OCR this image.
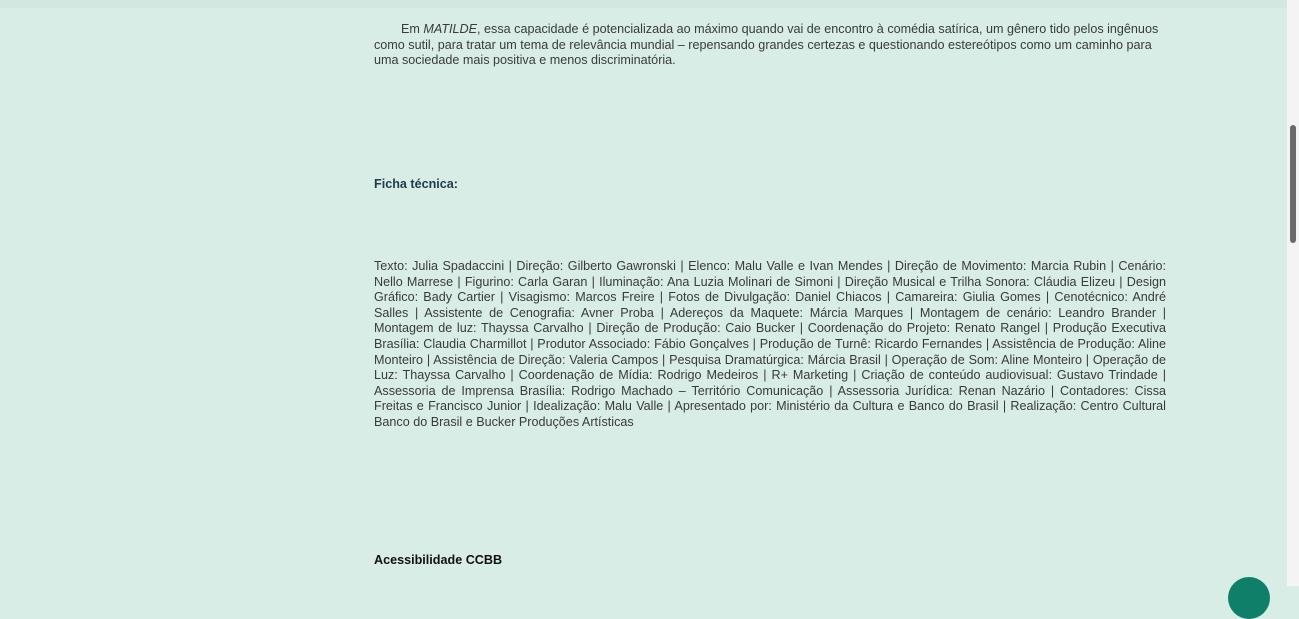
Em MATILDE, essa capacidade é potencializada ao máximo quando vai de encontro à comédia satírica, um gênero tido pelos ingênuos como sutil, para tratar um tema de relevância mundial – repensando grandes certezas e questionando estereótipos como um caminho para uma sociedade mais positiva e menos discriminatória.

Ficha técnica:

Texto: Julia Spadaccini | Direção: Gilberto Gawronski | Elenco: Malu Valle e Ivan Mendes | Direção de Movimento: Marcia Rubin | Cenário: Nello Marrese | Figurino: Carla Garan | Iluminação: Ana Luzia Molinari de Simoni | Direção Musical e Trilha Sonora: Cláudia Elizeu | Design Gráfico: Bady Cartier | Visagismo: Marcos Freire | Fotos de Divulgação: Daniel Chiacos | Camareira: Giulia Gomes | Cenotécnico: André Salles | Assistente de Cenografia: Avner Proba | Adereços da Maquete: Márcia Marques | Montagem de cenário: Leandro Brander | Montagem de luz: Thayssa Carvalho | Direção de Produção: Caio Bucker | Coordenação do Projeto: Renato Rangel | Produção Executiva Brasília: Claudia Charmillot | Produtor Associado: Fábio Gonçalves | Produção de Turnê: Ricardo Fernandes | Assistência de Produção: Aline Monteiro | Assistência de Direção: Valeria Campos | Pesquisa Dramatúrgica: Márcia Brasil | Operação de Som: Aline Monteiro | Operação de Luz: Thayssa Carvalho | Coordenação de Mídia: Rodrigo Medeiros | R+ Marketing | Criação de conteúdo audiovisual: Gustavo Trindade | Assessoria de Imprensa Brasília: Rodrigo Machado – Território Comunicação | Assessoria Jurídica: Renan Nazário | Contadores: Cissa Freitas e Francisco Junior | Idealização: Malu Valle | Apresentado por: Ministério da Cultura e Banco do Brasil | Realização: Centro Cultural Banco do Brasil e Bucker Produções Artísticas

Acessibilidade CCBB
